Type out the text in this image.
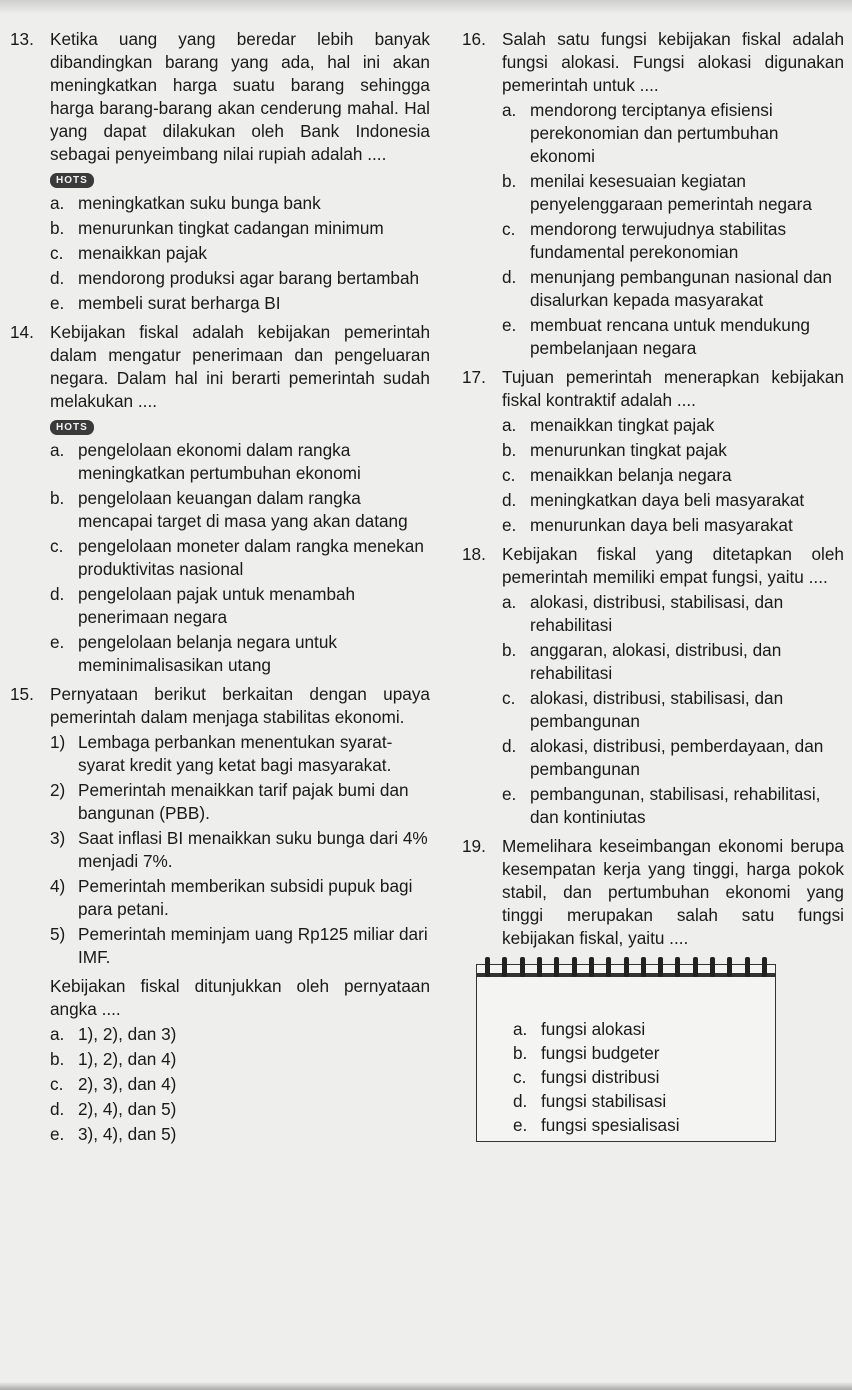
13. Ketika uang yang beredar lebih banyak dibandingkan barang yang ada, hal ini akan meningkatkan harga suatu barang sehingga harga barang-barang akan cenderung mahal. Hal yang dapat dilakukan oleh Bank Indonesia sebagai penyeimbang nilai rupiah adalah ....
HOTS
a. meningkatkan suku bunga bank
b. menurunkan tingkat cadangan minimum
c. menaikkan pajak
d. mendorong produksi agar barang bertambah
e. membeli surat berharga BI
14. Kebijakan fiskal adalah kebijakan pemerintah dalam mengatur penerimaan dan pengeluaran negara. Dalam hal ini berarti pemerintah sudah melakukan ....
HOTS
a. pengelolaan ekonomi dalam rangka meningkatkan pertumbuhan ekonomi
b. pengelolaan keuangan dalam rangka mencapai target di masa yang akan datang
c. pengelolaan moneter dalam rangka menekan produktivitas nasional
d. pengelolaan pajak untuk menambah penerimaan negara
e. pengelolaan belanja negara untuk meminimalisasikan utang
15. Pernyataan berikut berkaitan dengan upaya pemerintah dalam menjaga stabilitas ekonomi.
1) Lembaga perbankan menentukan syarat-syarat kredit yang ketat bagi masyarakat.
2) Pemerintah menaikkan tarif pajak bumi dan bangunan (PBB).
3) Saat inflasi BI menaikkan suku bunga dari 4% menjadi 7%.
4) Pemerintah memberikan subsidi pupuk bagi para petani.
5) Pemerintah meminjam uang Rp125 miliar dari IMF.
Kebijakan fiskal ditunjukkan oleh pernyataan angka ....
a. 1), 2), dan 3)
b. 1), 2), dan 4)
c. 2), 3), dan 4)
d. 2), 4), dan 5)
e. 3), 4), dan 5)
16. Salah satu fungsi kebijakan fiskal adalah fungsi alokasi. Fungsi alokasi digunakan pemerintah untuk ....
a. mendorong terciptanya efisiensi perekonomian dan pertumbuhan ekonomi
b. menilai kesesuaian kegiatan penyelenggaraan pemerintah negara
c. mendorong terwujudnya stabilitas fundamental perekonomian
d. menunjang pembangunan nasional dan disalurkan kepada masyarakat
e. membuat rencana untuk mendukung pembelanjaan negara
17. Tujuan pemerintah menerapkan kebijakan fiskal kontraktif adalah ....
a. menaikkan tingkat pajak
b. menurunkan tingkat pajak
c. menaikkan belanja negara
d. meningkatkan daya beli masyarakat
e. menurunkan daya beli masyarakat
18. Kebijakan fiskal yang ditetapkan oleh pemerintah memiliki empat fungsi, yaitu ....
a. alokasi, distribusi, stabilisasi, dan rehabilitasi
b. anggaran, alokasi, distribusi, dan rehabilitasi
c. alokasi, distribusi, stabilisasi, dan pembangunan
d. alokasi, distribusi, pemberdayaan, dan pembangunan
e. pembangunan, stabilisasi, rehabilitasi, dan kontiniutas
19. Memelihara keseimbangan ekonomi berupa kesempatan kerja yang tinggi, harga pokok stabil, dan pertumbuhan ekonomi yang tinggi merupakan salah satu fungsi kebijakan fiskal, yaitu ....
a. fungsi alokasi
b. fungsi budgeter
c. fungsi distribusi
d. fungsi stabilisasi
e. fungsi spesialisasi
